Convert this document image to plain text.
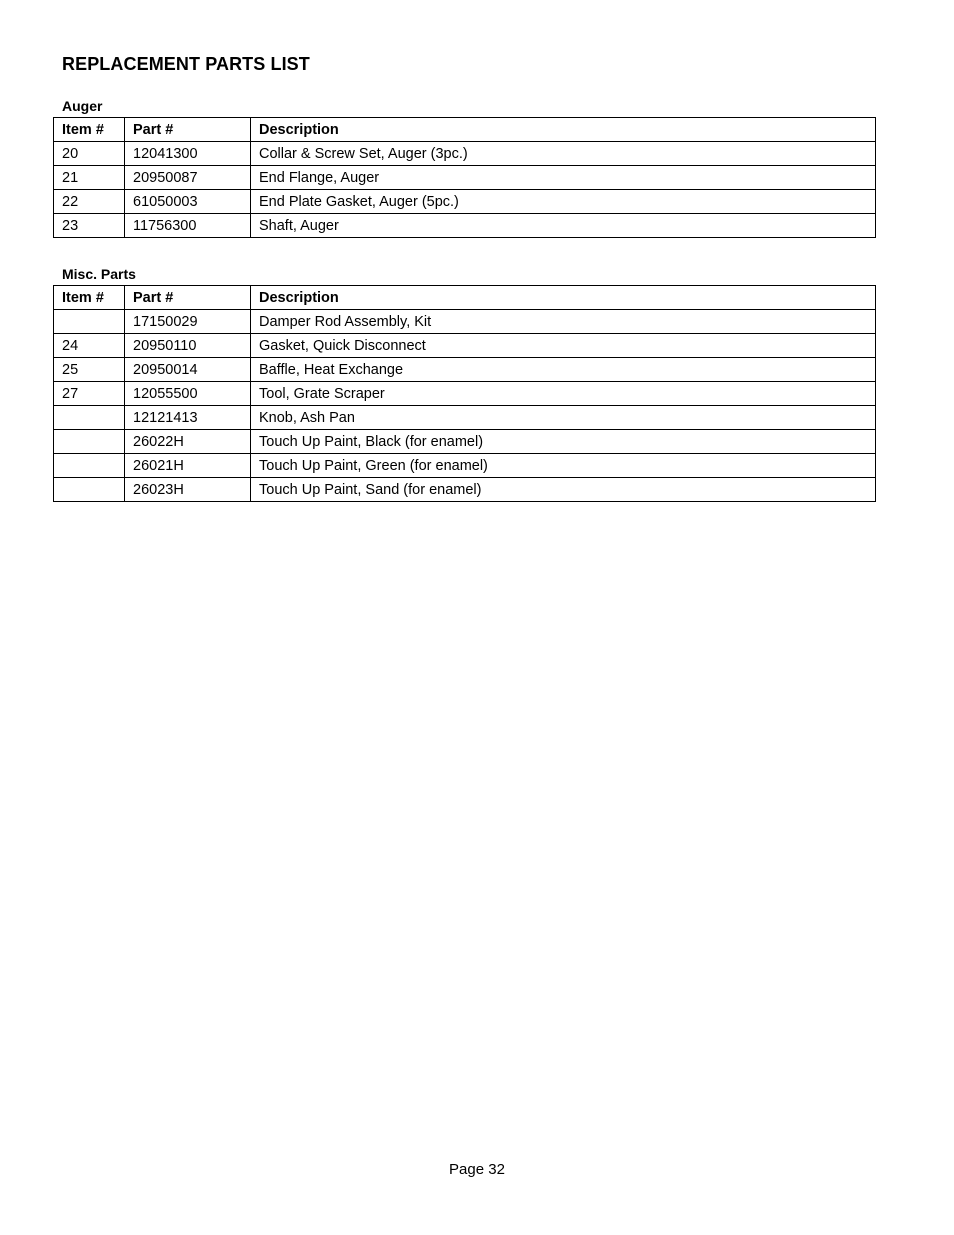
REPLACEMENT PARTS LIST
Auger
Item #	Part #	Description
20	12041300	Collar & Screw Set, Auger (3pc.)
21	20950087	End Flange, Auger
22	61050003	End Plate Gasket, Auger (5pc.)
23	11756300	Shaft, Auger
Misc. Parts
Item #	Part #	Description
	17150029	Damper Rod Assembly, Kit
24	20950110	Gasket, Quick Disconnect
25	20950014	Baffle, Heat Exchange
27	12055500	Tool, Grate Scraper
	12121413	Knob, Ash Pan
	26022H	Touch Up Paint, Black (for enamel)
	26021H	Touch Up Paint, Green (for enamel)
	26023H	Touch Up Paint, Sand (for enamel)
Page 32
